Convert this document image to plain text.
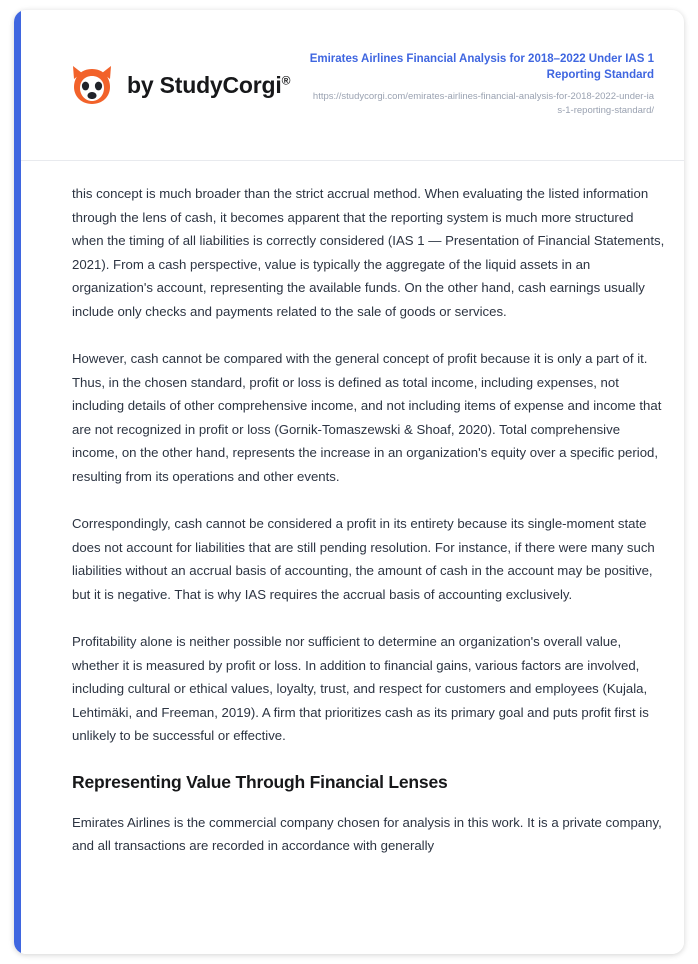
by StudyCorgi®
Emirates Airlines Financial Analysis for 2018–2022 Under IAS 1 Reporting Standard
https://studycorgi.com/emirates-airlines-financial-analysis-for-2018-2022-under-ias-1-reporting-standard/

this concept is much broader than the strict accrual method. When evaluating the listed information through the lens of cash, it becomes apparent that the reporting system is much more structured when the timing of all liabilities is correctly considered (IAS 1 — Presentation of Financial Statements, 2021). From a cash perspective, value is typically the aggregate of the liquid assets in an organization's account, representing the available funds. On the other hand, cash earnings usually include only checks and payments related to the sale of goods or services.

However, cash cannot be compared with the general concept of profit because it is only a part of it. Thus, in the chosen standard, profit or loss is defined as total income, including expenses, not including details of other comprehensive income, and not including items of expense and income that are not recognized in profit or loss (Gornik-Tomaszewski & Shoaf, 2020). Total comprehensive income, on the other hand, represents the increase in an organization's equity over a specific period, resulting from its operations and other events.

Correspondingly, cash cannot be considered a profit in its entirety because its single-moment state does not account for liabilities that are still pending resolution. For instance, if there were many such liabilities without an accrual basis of accounting, the amount of cash in the account may be positive, but it is negative. That is why IAS requires the accrual basis of accounting exclusively.

Profitability alone is neither possible nor sufficient to determine an organization's overall value, whether it is measured by profit or loss. In addition to financial gains, various factors are involved, including cultural or ethical values, loyalty, trust, and respect for customers and employees (Kujala, Lehtimäki, and Freeman, 2019). A firm that prioritizes cash as its primary goal and puts profit first is unlikely to be successful or effective.

Representing Value Through Financial Lenses

Emirates Airlines is the commercial company chosen for analysis in this work. It is a private company, and all transactions are recorded in accordance with generally
